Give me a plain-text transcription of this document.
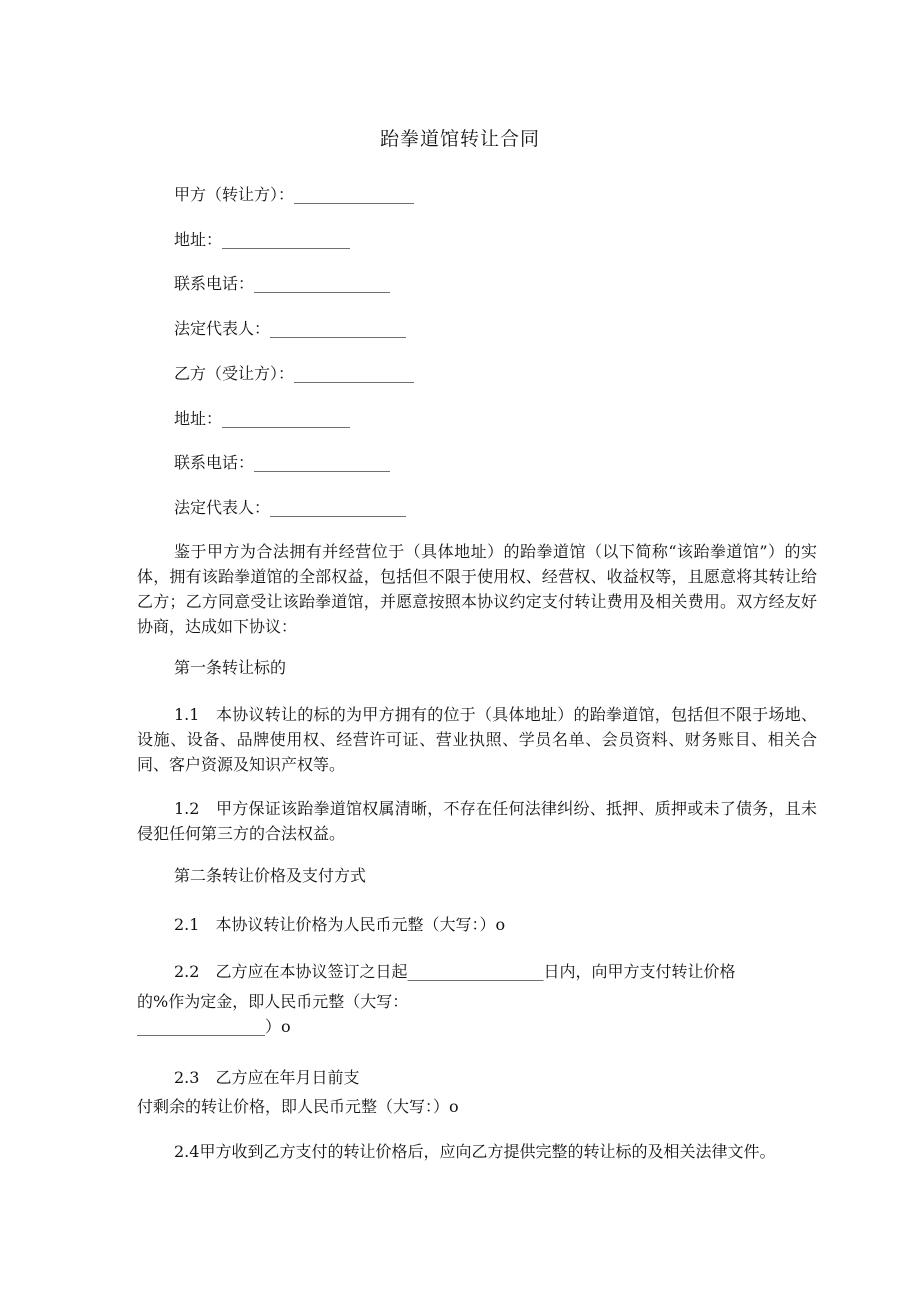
跆拳道馆转让合同
甲方（转让方）：_______________
地址：________________
联系电话：_________________
法定代表人：_________________
乙方（受让方）：_______________
地址：________________
联系电话：_________________
法定代表人：_________________
鉴于甲方为合法拥有并经营位于（具体地址）的跆拳道馆（以下简称“该跆拳道馆”）的实体，拥有该跆拳道馆的全部权益，包括但不限于使用权、经营权、收益权等，且愿意将其转让给乙方；乙方同意受让该跆拳道馆，并愿意按照本协议约定支付转让费用及相关费用。双方经友好协商，达成如下协议：
第一条转让标的
1.1　本协议转让的标的为甲方拥有的位于（具体地址）的跆拳道馆，包括但不限于场地、设施、设备、品牌使用权、经营许可证、营业执照、学员名单、会员资料、财务账目、相关合同、客户资源及知识产权等。
1.2　甲方保证该跆拳道馆权属清晰，不存在任何法律纠纷、抵押、质押或未了债务，且未侵犯任何第三方的合法权益。
第二条转让价格及支付方式
2.1　本协议转让价格为人民币元整（大写：）o
2.2　乙方应在本协议签订之日起_________________日内，向甲方支付转让价格
的%作为定金，即人民币元整（大写：
________________）o
2.3　乙方应在年月日前支
付剩余的转让价格，即人民币元整（大写：）o
2.4甲方收到乙方支付的转让价格后，应向乙方提供完整的转让标的及相关法律文件。
